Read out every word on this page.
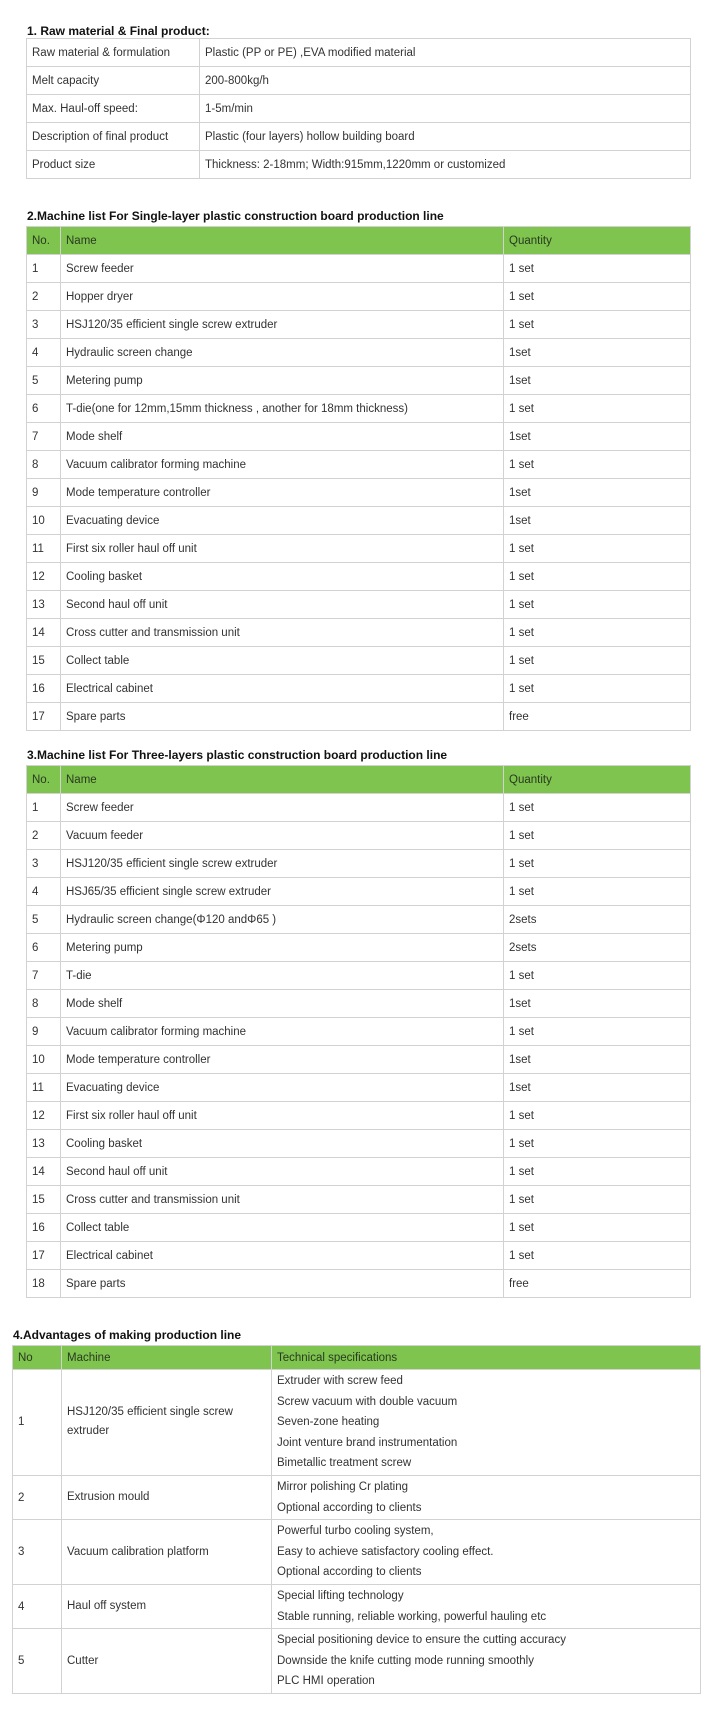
1. Raw material & Final product:

Raw material & formulation	Plastic (PP or PE) ,EVA modified material
Melt capacity	200-800kg/h
Max. Haul-off speed:	1-5m/min
Description of final product	Plastic (four layers) hollow building board
Product size	Thickness: 2-18mm; Width:915mm,1220mm or customized

2.Machine list For Single-layer plastic construction board production line

No.	Name	Quantity
1	Screw feeder	1 set
2	Hopper dryer	1 set
3	HSJ120/35 efficient single screw extruder	1 set
4	Hydraulic screen change	1set
5	Metering pump	1set
6	T-die(one for 12mm,15mm thickness , another for 18mm thickness)	1 set
7	Mode shelf	1set
8	Vacuum calibrator forming machine	1 set
9	Mode temperature controller	1set
10	Evacuating device	1set
11	First six roller haul off unit	1 set
12	Cooling basket	1 set
13	Second haul off unit	1 set
14	Cross cutter and transmission unit	1 set
15	Collect table	1 set
16	Electrical cabinet	1 set
17	Spare parts	free

3.Machine list For Three-layers plastic construction board production line

No.	Name	Quantity
1	Screw feeder	1 set
2	Vacuum feeder	1 set
3	HSJ120/35 efficient single screw extruder	1 set
4	HSJ65/35 efficient single screw extruder	1 set
5	Hydraulic screen change(Φ120 andΦ65 )	2sets
6	Metering pump	2sets
7	T-die	1 set
8	Mode shelf	1set
9	Vacuum calibrator forming machine	1 set
10	Mode temperature controller	1set
11	Evacuating device	1set
12	First six roller haul off unit	1 set
13	Cooling basket	1 set
14	Second haul off unit	1 set
15	Cross cutter and transmission unit	1 set
16	Collect table	1 set
17	Electrical cabinet	1 set
18	Spare parts	free

4.Advantages of making production line

No	Machine	Technical specifications
1	HSJ120/35 efficient single screw extruder	Extruder with screw feed
Screw vacuum with double vacuum
Seven-zone heating
Joint venture brand instrumentation
Bimetallic treatment screw

2	Extrusion mould	Mirror polishing Cr plating
Optional according to clients

3	Vacuum calibration platform	Powerful turbo cooling system,
Easy to achieve satisfactory cooling effect.
Optional according to clients

4	Haul off system	Special lifting technology
Stable running, reliable working, powerful hauling etc

5	Cutter	Special positioning device to ensure the cutting accuracy
Downside the knife cutting mode running smoothly
PLC HMI operation
